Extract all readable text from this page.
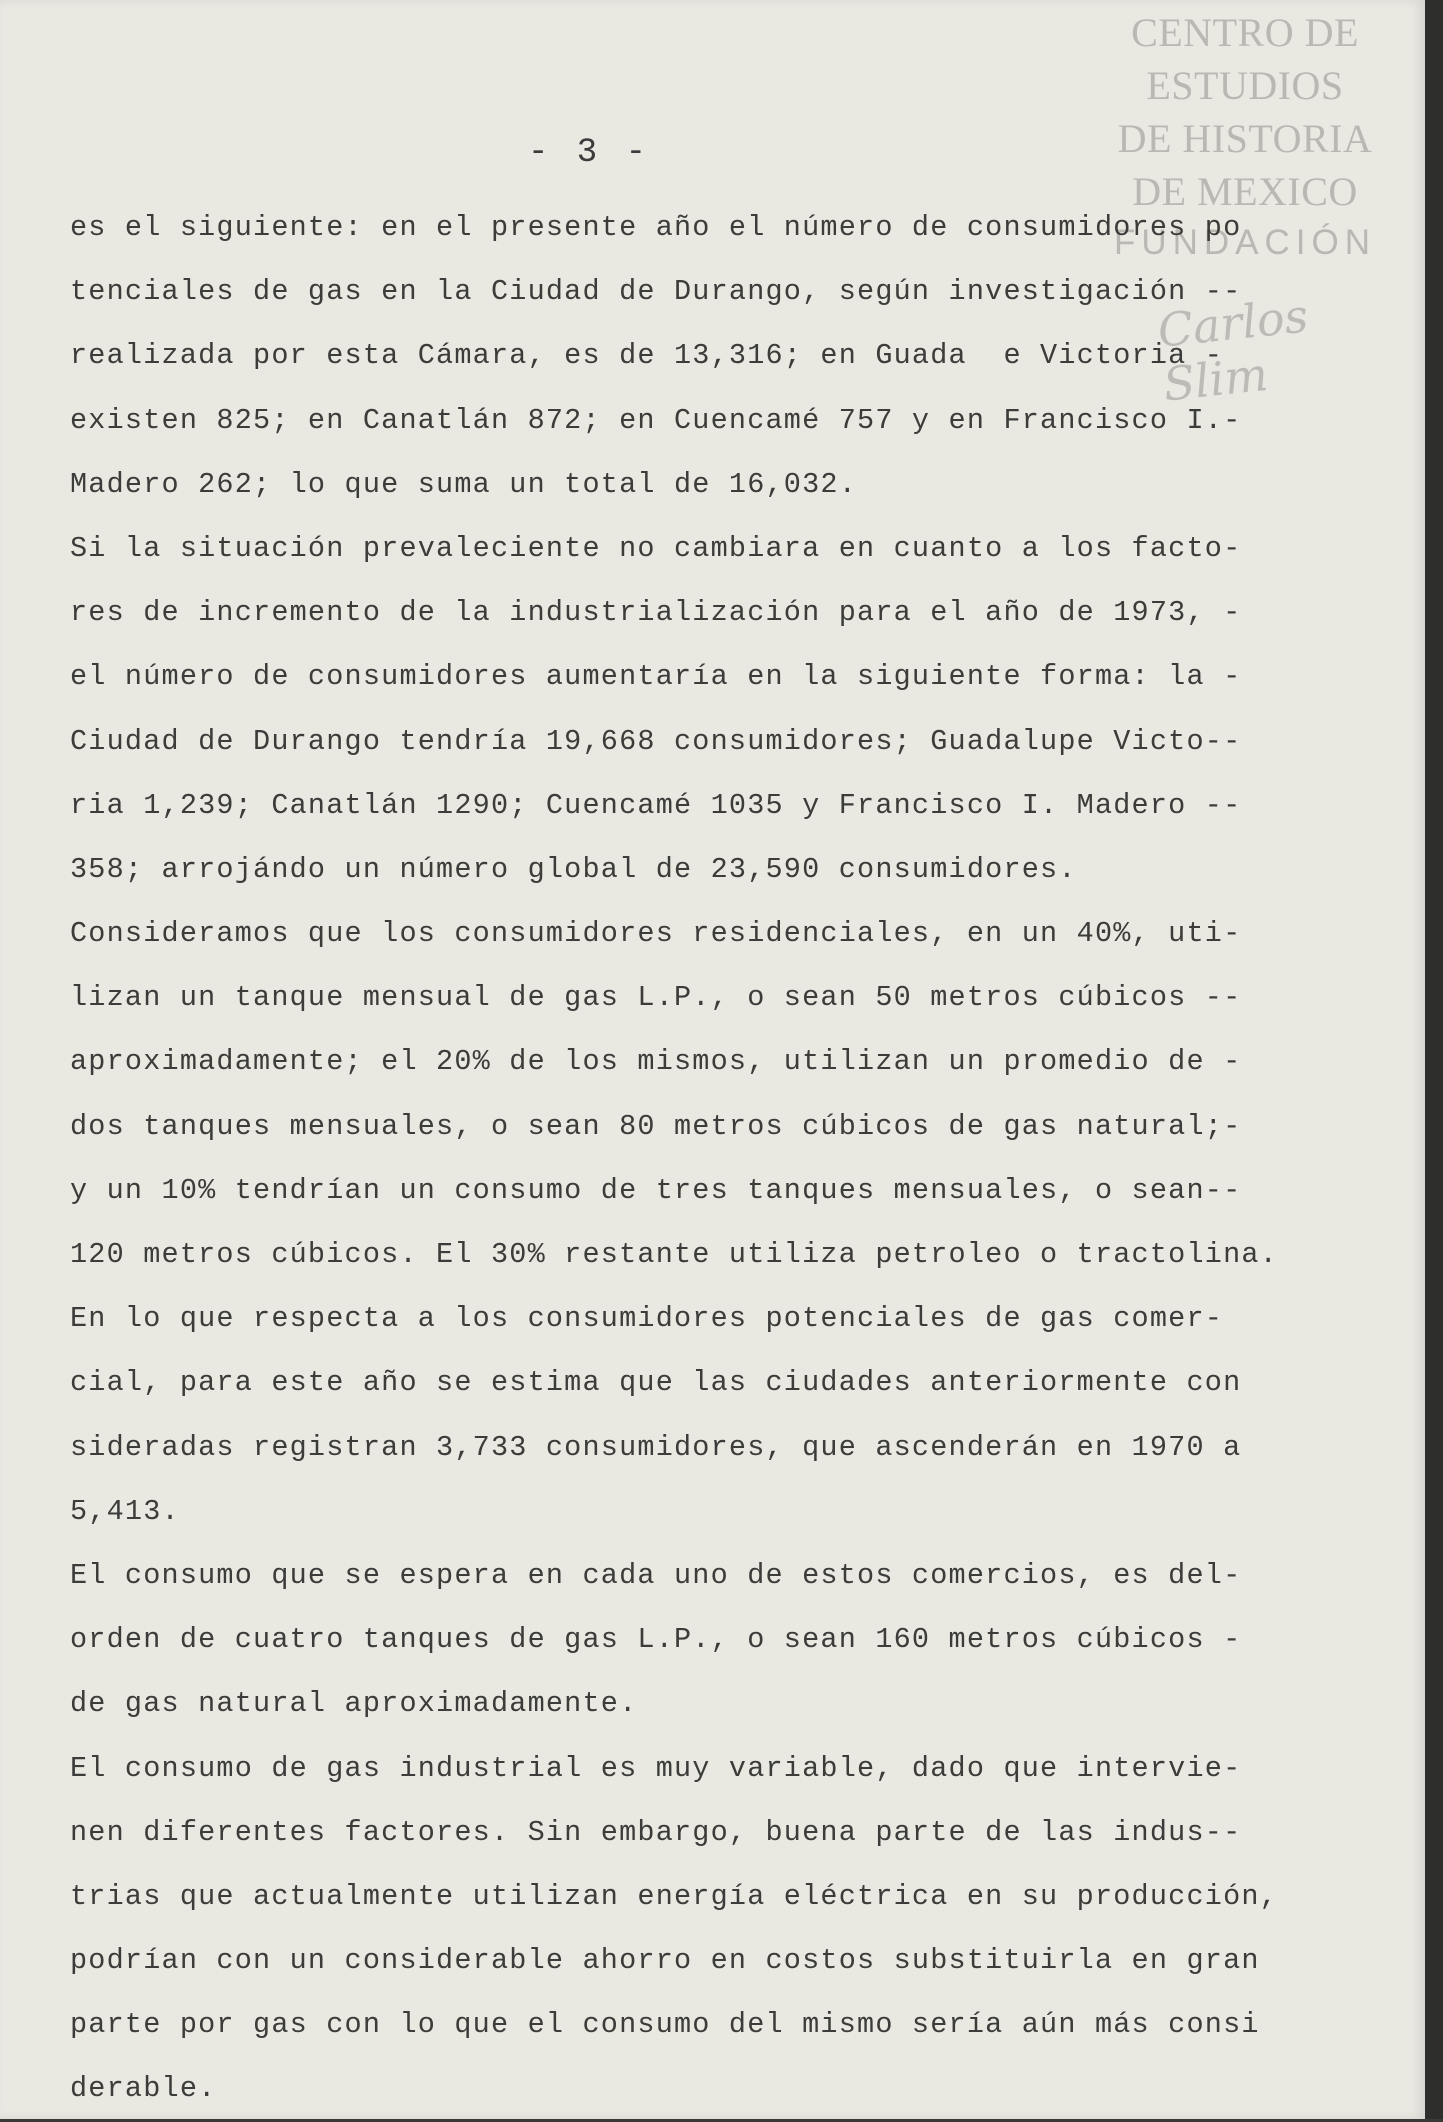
CENTRO DE
ESTUDIOS
DE HISTORIA
DE MEXICO
FUNDACIÓN
Carlos Slim
- 3 -
es el siguiente: en el presente año el número de consumidores po
tenciales de gas en la Ciudad de Durango, según investigación --
realizada por esta Cámara, es de 13,316; en Guada  e Victoria -
existen 825; en Canatlán 872; en Cuencamé 757 y en Francisco I.-
Madero 262; lo que suma un total de 16,032.
Si la situación prevaleciente no cambiara en cuanto a los facto-
res de incremento de la industrialización para el año de 1973, -
el número de consumidores aumentaría en la siguiente forma: la -
Ciudad de Durango tendría 19,668 consumidores; Guadalupe Victo--
ria 1,239; Canatlán 1290; Cuencamé 1035 y Francisco I. Madero --
358; arrojándo un número global de 23,590 consumidores.
Consideramos que los consumidores residenciales, en un 40%, uti-
lizan un tanque mensual de gas L.P., o sean 50 metros cúbicos --
aproximadamente; el 20% de los mismos, utilizan un promedio de -
dos tanques mensuales, o sean 80 metros cúbicos de gas natural;-
y un 10% tendrían un consumo de tres tanques mensuales, o sean--
120 metros cúbicos. El 30% restante utiliza petroleo o tractolina.
En lo que respecta a los consumidores potenciales de gas comer-
cial, para este año se estima que las ciudades anteriormente con
sideradas registran 3,733 consumidores, que ascenderán en 1970 a
5,413.
El consumo que se espera en cada uno de estos comercios, es del-
orden de cuatro tanques de gas L.P., o sean 160 metros cúbicos -
de gas natural aproximadamente.
El consumo de gas industrial es muy variable, dado que intervie-
nen diferentes factores. Sin embargo, buena parte de las indus--
trias que actualmente utilizan energía eléctrica en su producción,
podrían con un considerable ahorro en costos substituirla en gran
parte por gas con lo que el consumo del mismo sería aún más consi
derable.
